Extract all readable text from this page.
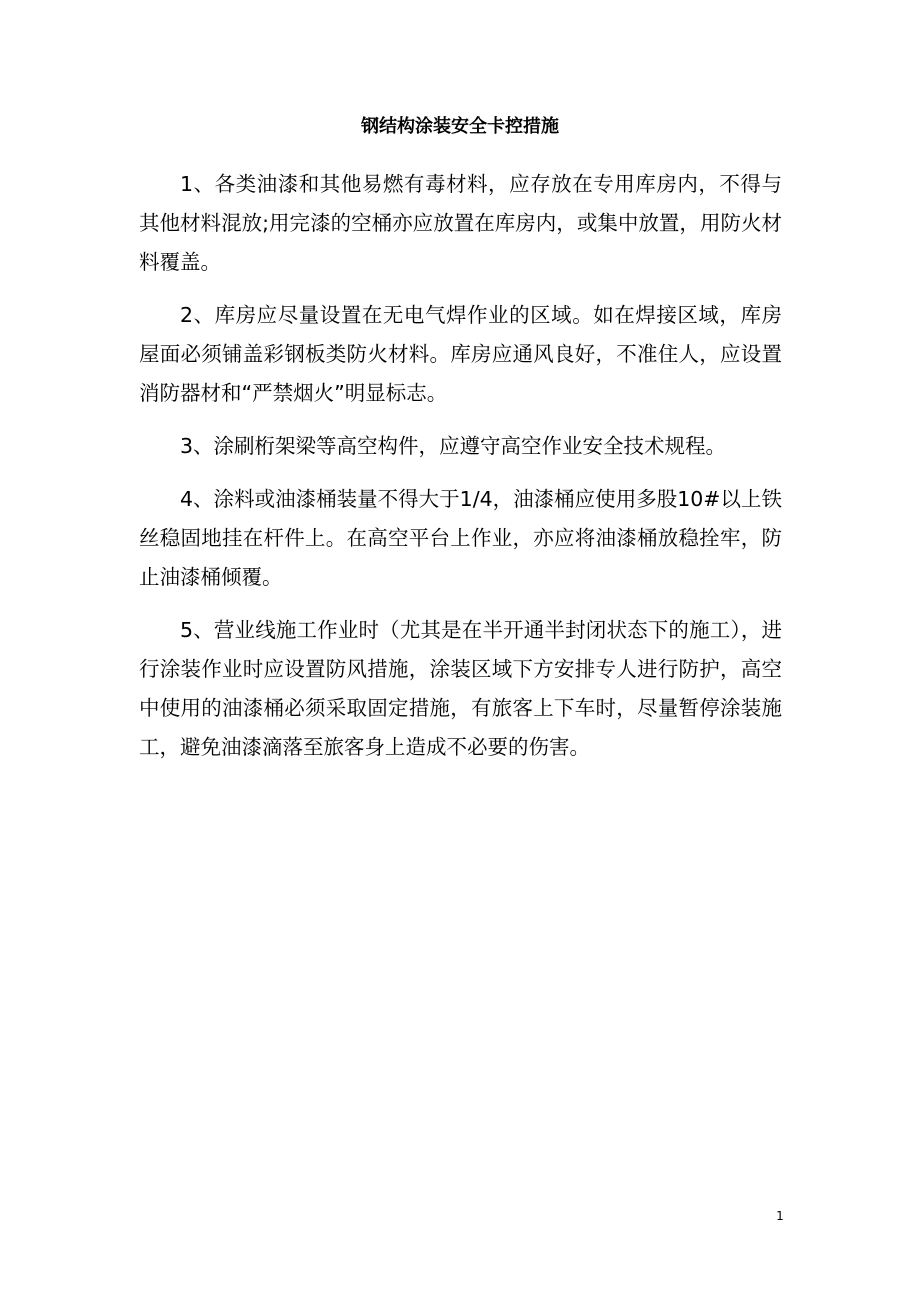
钢结构涂装安全卡控措施

1、各类油漆和其他易燃有毒材料，应存放在专用库房内，不得与其他材料混放;用完漆的空桶亦应放置在库房内，或集中放置，用防火材料覆盖。

2、库房应尽量设置在无电气焊作业的区域。如在焊接区域，库房屋面必须铺盖彩钢板类防火材料。库房应通风良好，不准住人，应设置消防器材和“严禁烟火”明显标志。

3、涂刷桁架梁等高空构件，应遵守高空作业安全技术规程。

4、涂料或油漆桶装量不得大于1/4，油漆桶应使用多股10#以上铁丝稳固地挂在杆件上。在高空平台上作业，亦应将油漆桶放稳拴牢，防止油漆桶倾覆。

5、营业线施工作业时（尤其是在半开通半封闭状态下的施工），进行涂装作业时应设置防风措施，涂装区域下方安排专人进行防护，高空中使用的油漆桶必须采取固定措施，有旅客上下车时，尽量暂停涂装施工，避免油漆滴落至旅客身上造成不必要的伤害。

1
